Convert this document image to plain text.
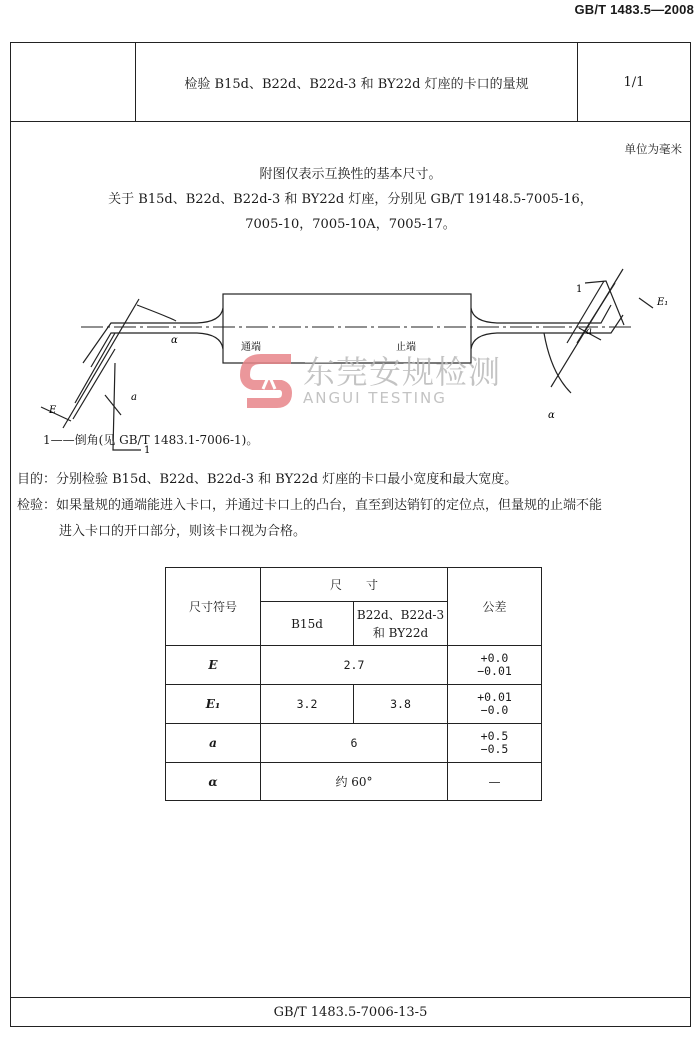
GB/T 1483.5—2008
检验 B15d、B22d、B22d-3 和 BY22d 灯座的卡口的量规	1/1
单位为毫米
附图仅表示互换性的基本尺寸。
关于 B15d、B22d、B22d-3 和 BY22d 灯座，分别见 GB/T 19148.5-7005-16，
7005-10，7005-10A，7005-17。
α
a
E
1
通端	止端
1
a
E₁
α
东莞安规检测
ANGUI TESTING
1——倒角(见 GB/T 1483.1-7006-1)。
目的：分别检验 B15d、B22d、B22d-3 和 BY22d 灯座的卡口最小宽度和最大宽度。
检验：如果量规的通端能进入卡口，并通过卡口上的凸台，直至到达销钉的定位点，但量规的止端不能
进入卡口的开口部分，则该卡口视为合格。
尺寸符号	尺　　寸		公差
	B15d	B22d、B22d-3
和 BY22d	

E	2.7		+0.0
−0.01

E₁	3.2	3.8	+0.01
−0.0

a	6		+0.5
−0.5

α	约 60°		—
GB/T 1483.5-7006-13-5
